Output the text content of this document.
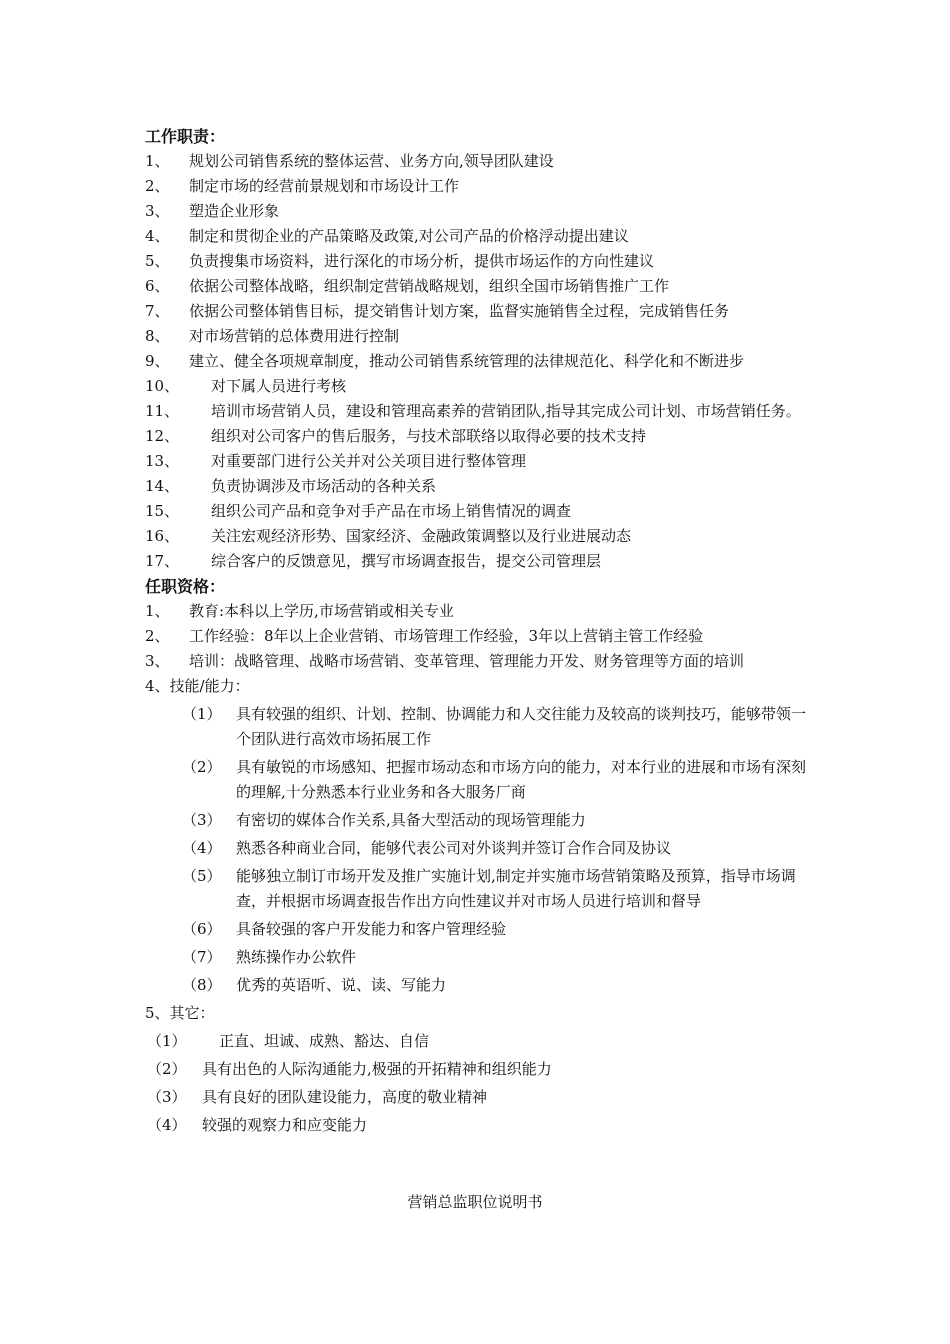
工作职责：
1、	规划公司销售系统的整体运营、业务方向,领导团队建设
2、	制定市场的经营前景规划和市场设计工作
3、	塑造企业形象
4、	制定和贯彻企业的产品策略及政策,对公司产品的价格浮动提出建议
5、	负责搜集市场资料，进行深化的市场分析，提供市场运作的方向性建议
6、	依据公司整体战略，组织制定营销战略规划，组织全国市场销售推广工作
7、	依据公司整体销售目标，提交销售计划方案，监督实施销售全过程，完成销售任务
8、	对市场营销的总体费用进行控制
9、	建立、健全各项规章制度，推动公司销售系统管理的法律规范化、科学化和不断进步
10、	对下属人员进行考核
11、 培训市场营销人员，建设和管理高素养的营销团队,指导其完成公司计划、市场营销任务。
12、	组织对公司客户的售后服务，与技术部联络以取得必要的技术支持
13、	对重要部门进行公关并对公关项目进行整体管理
14、	负责协调涉及市场活动的各种关系
15、	组织公司产品和竞争对手产品在市场上销售情况的调查
16、	关注宏观经济形势、国家经济、金融政策调整以及行业进展动态
17、	综合客户的反馈意见，撰写市场调查报告，提交公司管理层
任职资格：
1、	教育:本科以上学历,市场营销或相关专业
2、	工作经验：8年以上企业营销、市场管理工作经验，3年以上营销主管工作经验
3、	培训：战略管理、战略市场营销、变革管理、管理能力开发、财务管理等方面的培训
4、技能/能力：
（1） 具有较强的组织、计划、控制、协调能力和人交往能力及较高的谈判技巧，能够带领一个团队进行高效市场拓展工作
（2） 具有敏锐的市场感知、把握市场动态和市场方向的能力，对本行业的进展和市场有深刻的理解,十分熟悉本行业业务和各大服务厂商
（3） 有密切的媒体合作关系,具备大型活动的现场管理能力
（4） 熟悉各种商业合同，能够代表公司对外谈判并签订合作合同及协议
（5） 能够独立制订市场开发及推广实施计划,制定并实施市场营销策略及预算，指导市场调查，并根据市场调查报告作出方向性建议并对市场人员进行培训和督导
（6） 具备较强的客户开发能力和客户管理经验
（7） 熟练操作办公软件
（8） 优秀的英语听、说、读、写能力
5、其它：
（1）	正直、坦诚、成熟、豁达、自信
（2）	具有出色的人际沟通能力,极强的开拓精神和组织能力
（3）	具有良好的团队建设能力，高度的敬业精神
（4）	较强的观察力和应变能力
营销总监职位说明书
